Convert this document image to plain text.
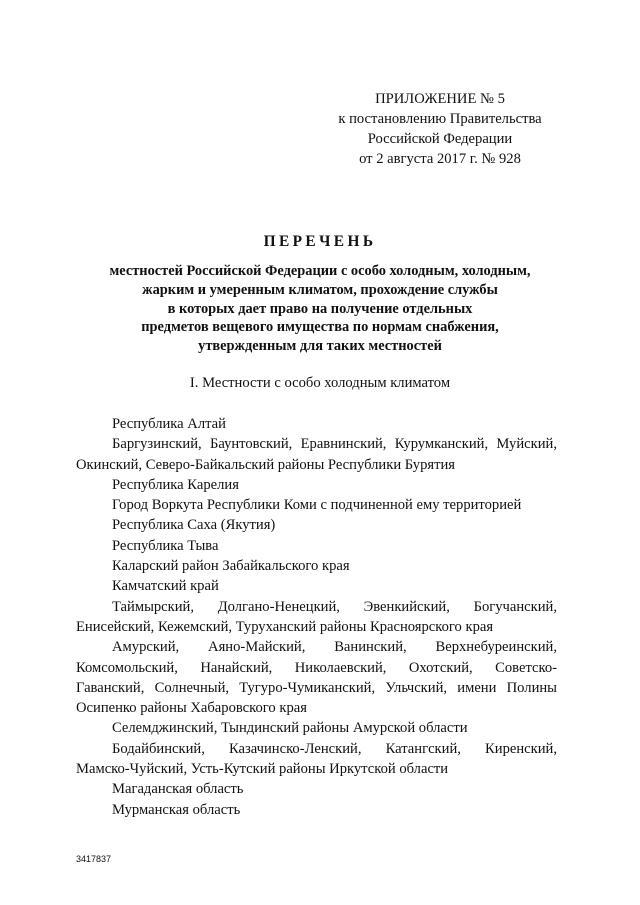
ПРИЛОЖЕНИЕ № 5
к постановлению Правительства
Российской Федерации
от 2 августа 2017 г. № 928
ПЕРЕЧЕНЬ
местностей Российской Федерации с особо холодным, холодным,
жарким и умеренным климатом, прохождение службы
в которых дает право на получение отдельных
предметов вещевого имущества по нормам снабжения,
утвержденным для таких местностей
I. Местности с особо холодным климатом
Республика Алтай
Баргузинский, Баунтовский, Еравнинский, Курумканский, Муйский,
Окинский, Северо-Байкальский районы Республики Бурятия
Республика Карелия
Город Воркута Республики Коми с подчиненной ему территорией
Республика Саха (Якутия)
Республика Тыва
Каларский район Забайкальского края
Камчатский край
Таймырский, Долгано-Ненецкий, Эвенкийский, Богучанский,
Енисейский, Кежемский, Туруханский районы Красноярского края
Амурский, Аяно-Майский, Ванинский, Верхнебуреинский,
Комсомольский, Нанайский, Николаевский, Охотский, Советско-
Гаванский, Солнечный, Тугуро-Чумиканский, Ульчский, имени Полины
Осипенко районы Хабаровского края
Селемджинский, Тындинский районы Амурской области
Бодайбинский, Казачинско-Ленский, Катангский, Киренский,
Мамско-Чуйский, Усть-Кутский районы Иркутской области
Магаданская область
Мурманская область
3417837
